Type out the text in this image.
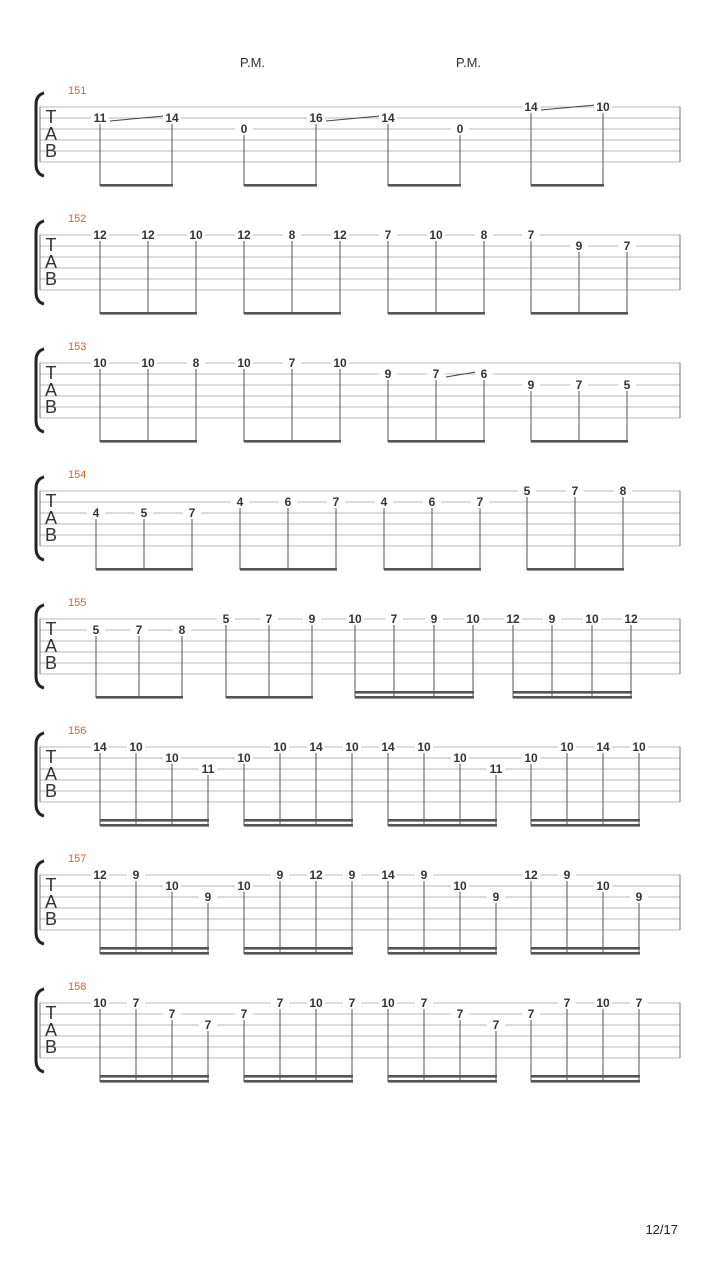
P.M.	P.M.
T
A
B
151
11	14
0
16	14
0
14	10
T
A
B
152
12	12	10	12	8	12	7	10	8	7
9	7
T
A
B
153
10	10	8	10	7	10
9	7	6
9	7	5
T
A
B
154
4	5	7
4	6	7	4	6	7
5	7	8
T
A
B
155
5	7	8
5	7	9	10 7	9 10 12 9 10 12
T
A
B
156
14 10
10
11
10
10 14 10 14 10
10
11
10
10 14 10
T
A
B
157
12 9
10
9
10
9 12 9 14 9
10
9
12 9
10
9
T
A
B
158
10 7
7
7
7
7 10 7 10 7
7
7
7
7 10 7
12/17
